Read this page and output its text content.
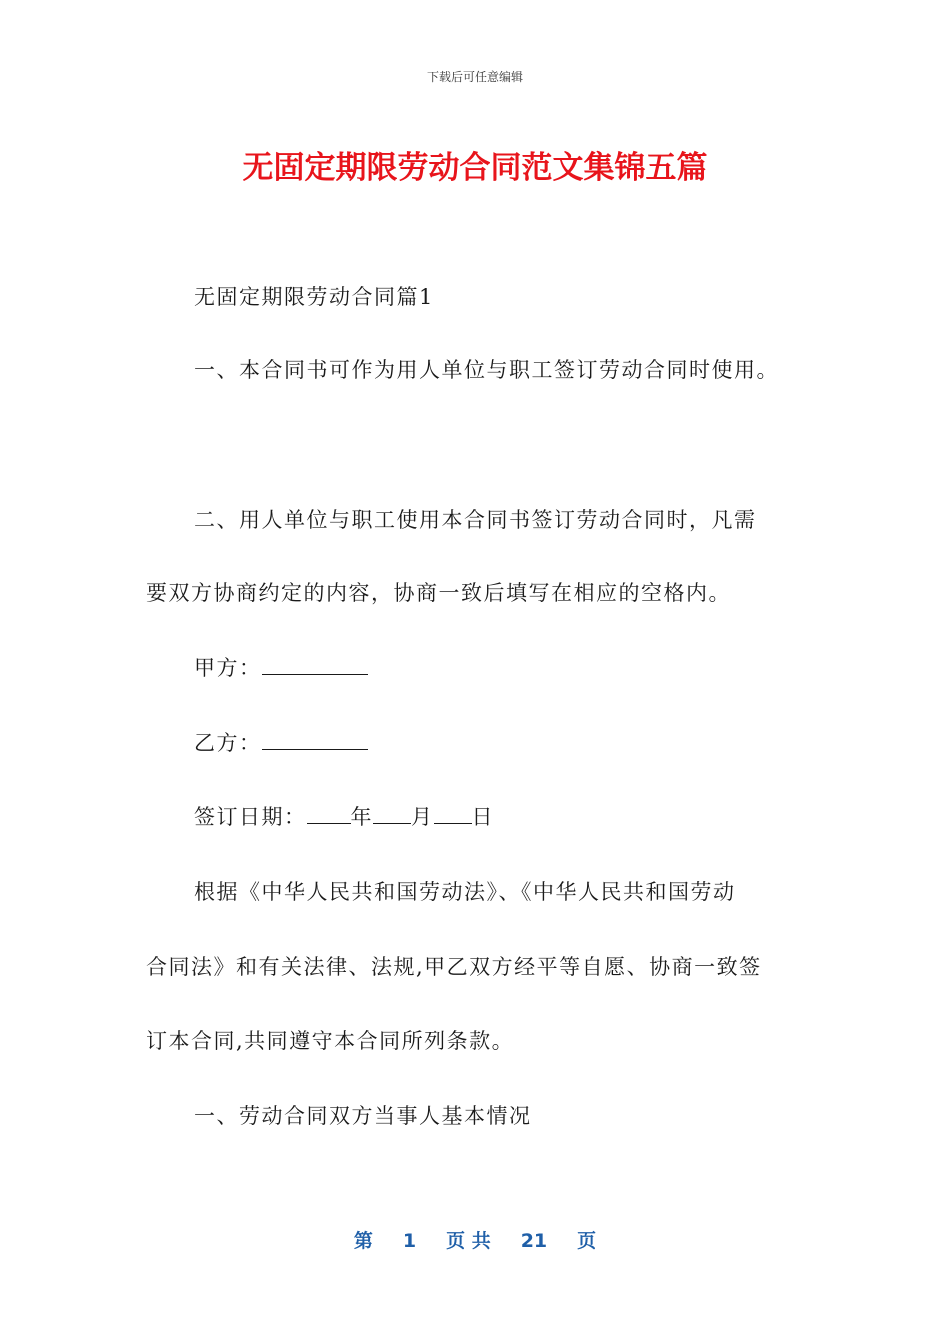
下载后可任意编辑
无固定期限劳动合同范文集锦五篇
无固定期限劳动合同篇1
一、本合同书可作为用人单位与职工签订劳动合同时使用。
二、用人单位与职工使用本合同书签订劳动合同时，凡需
要双方协商约定的内容，协商一致后填写在相应的空格内。
甲方：
乙方：
签订日期： 年 月 日
根据《中华人民共和国劳动法》、《中华人民共和国劳动
合同法》和有关法律、法规,甲乙双方经平等自愿、协商一致签
订本合同,共同遵守本合同所列条款。
一、劳动合同双方当事人基本情况
第 1 页 共 21 页
